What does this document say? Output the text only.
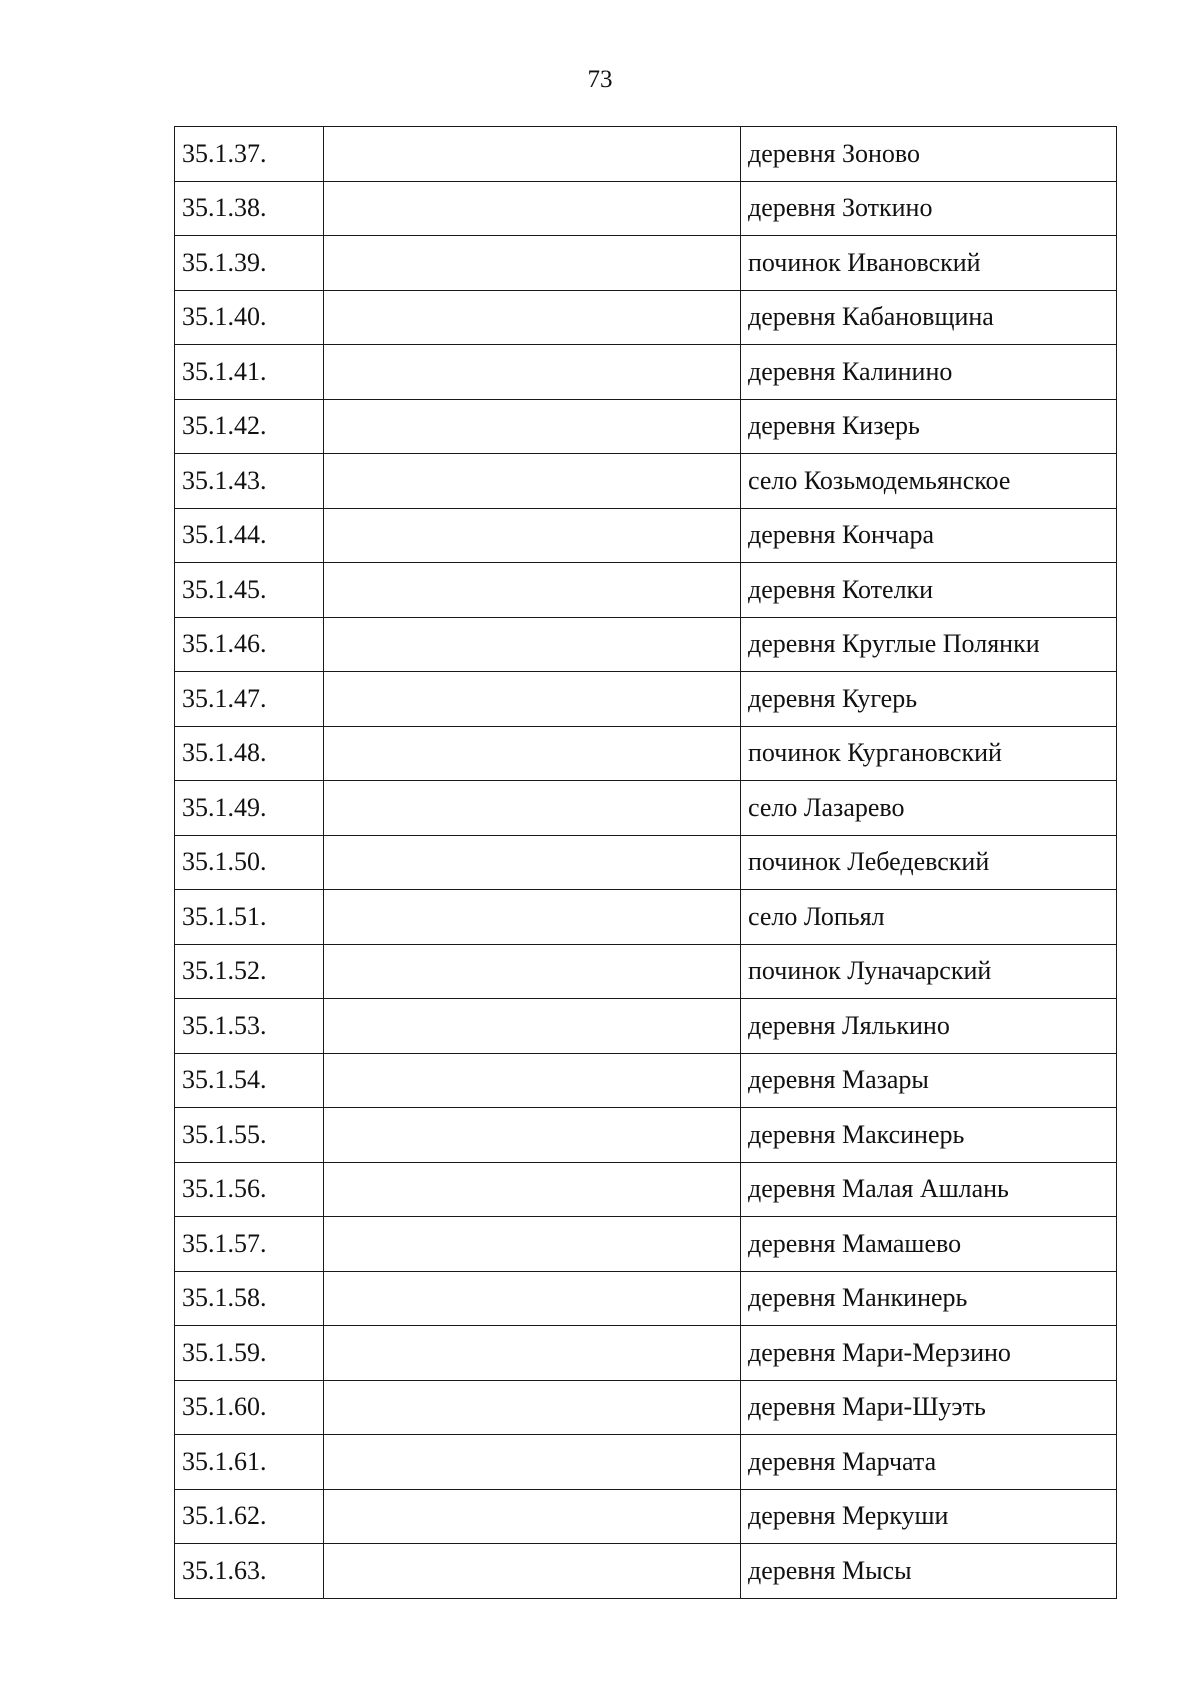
73
35.1.37.		деревня Зоново
35.1.38.		деревня Зоткино
35.1.39.		починок Ивановский
35.1.40.		деревня Кабановщина
35.1.41.		деревня Калинино
35.1.42.		деревня Кизерь
35.1.43.		село Козьмодемьянское
35.1.44.		деревня Кончара
35.1.45.		деревня Котелки
35.1.46.		деревня Круглые Полянки
35.1.47.		деревня Кугерь
35.1.48.		починок Кургановский
35.1.49.		село Лазарево
35.1.50.		починок Лебедевский
35.1.51.		село Лопьял
35.1.52.		починок Луначарский
35.1.53.		деревня Лялькино
35.1.54.		деревня Мазары
35.1.55.		деревня Максинерь
35.1.56.		деревня Малая Ашлань
35.1.57.		деревня Мамашево
35.1.58.		деревня Манкинерь
35.1.59.		деревня Мари-Мерзино
35.1.60.		деревня Мари-Шуэть
35.1.61.		деревня Марчата
35.1.62.		деревня Меркуши
35.1.63.		деревня Мысы
